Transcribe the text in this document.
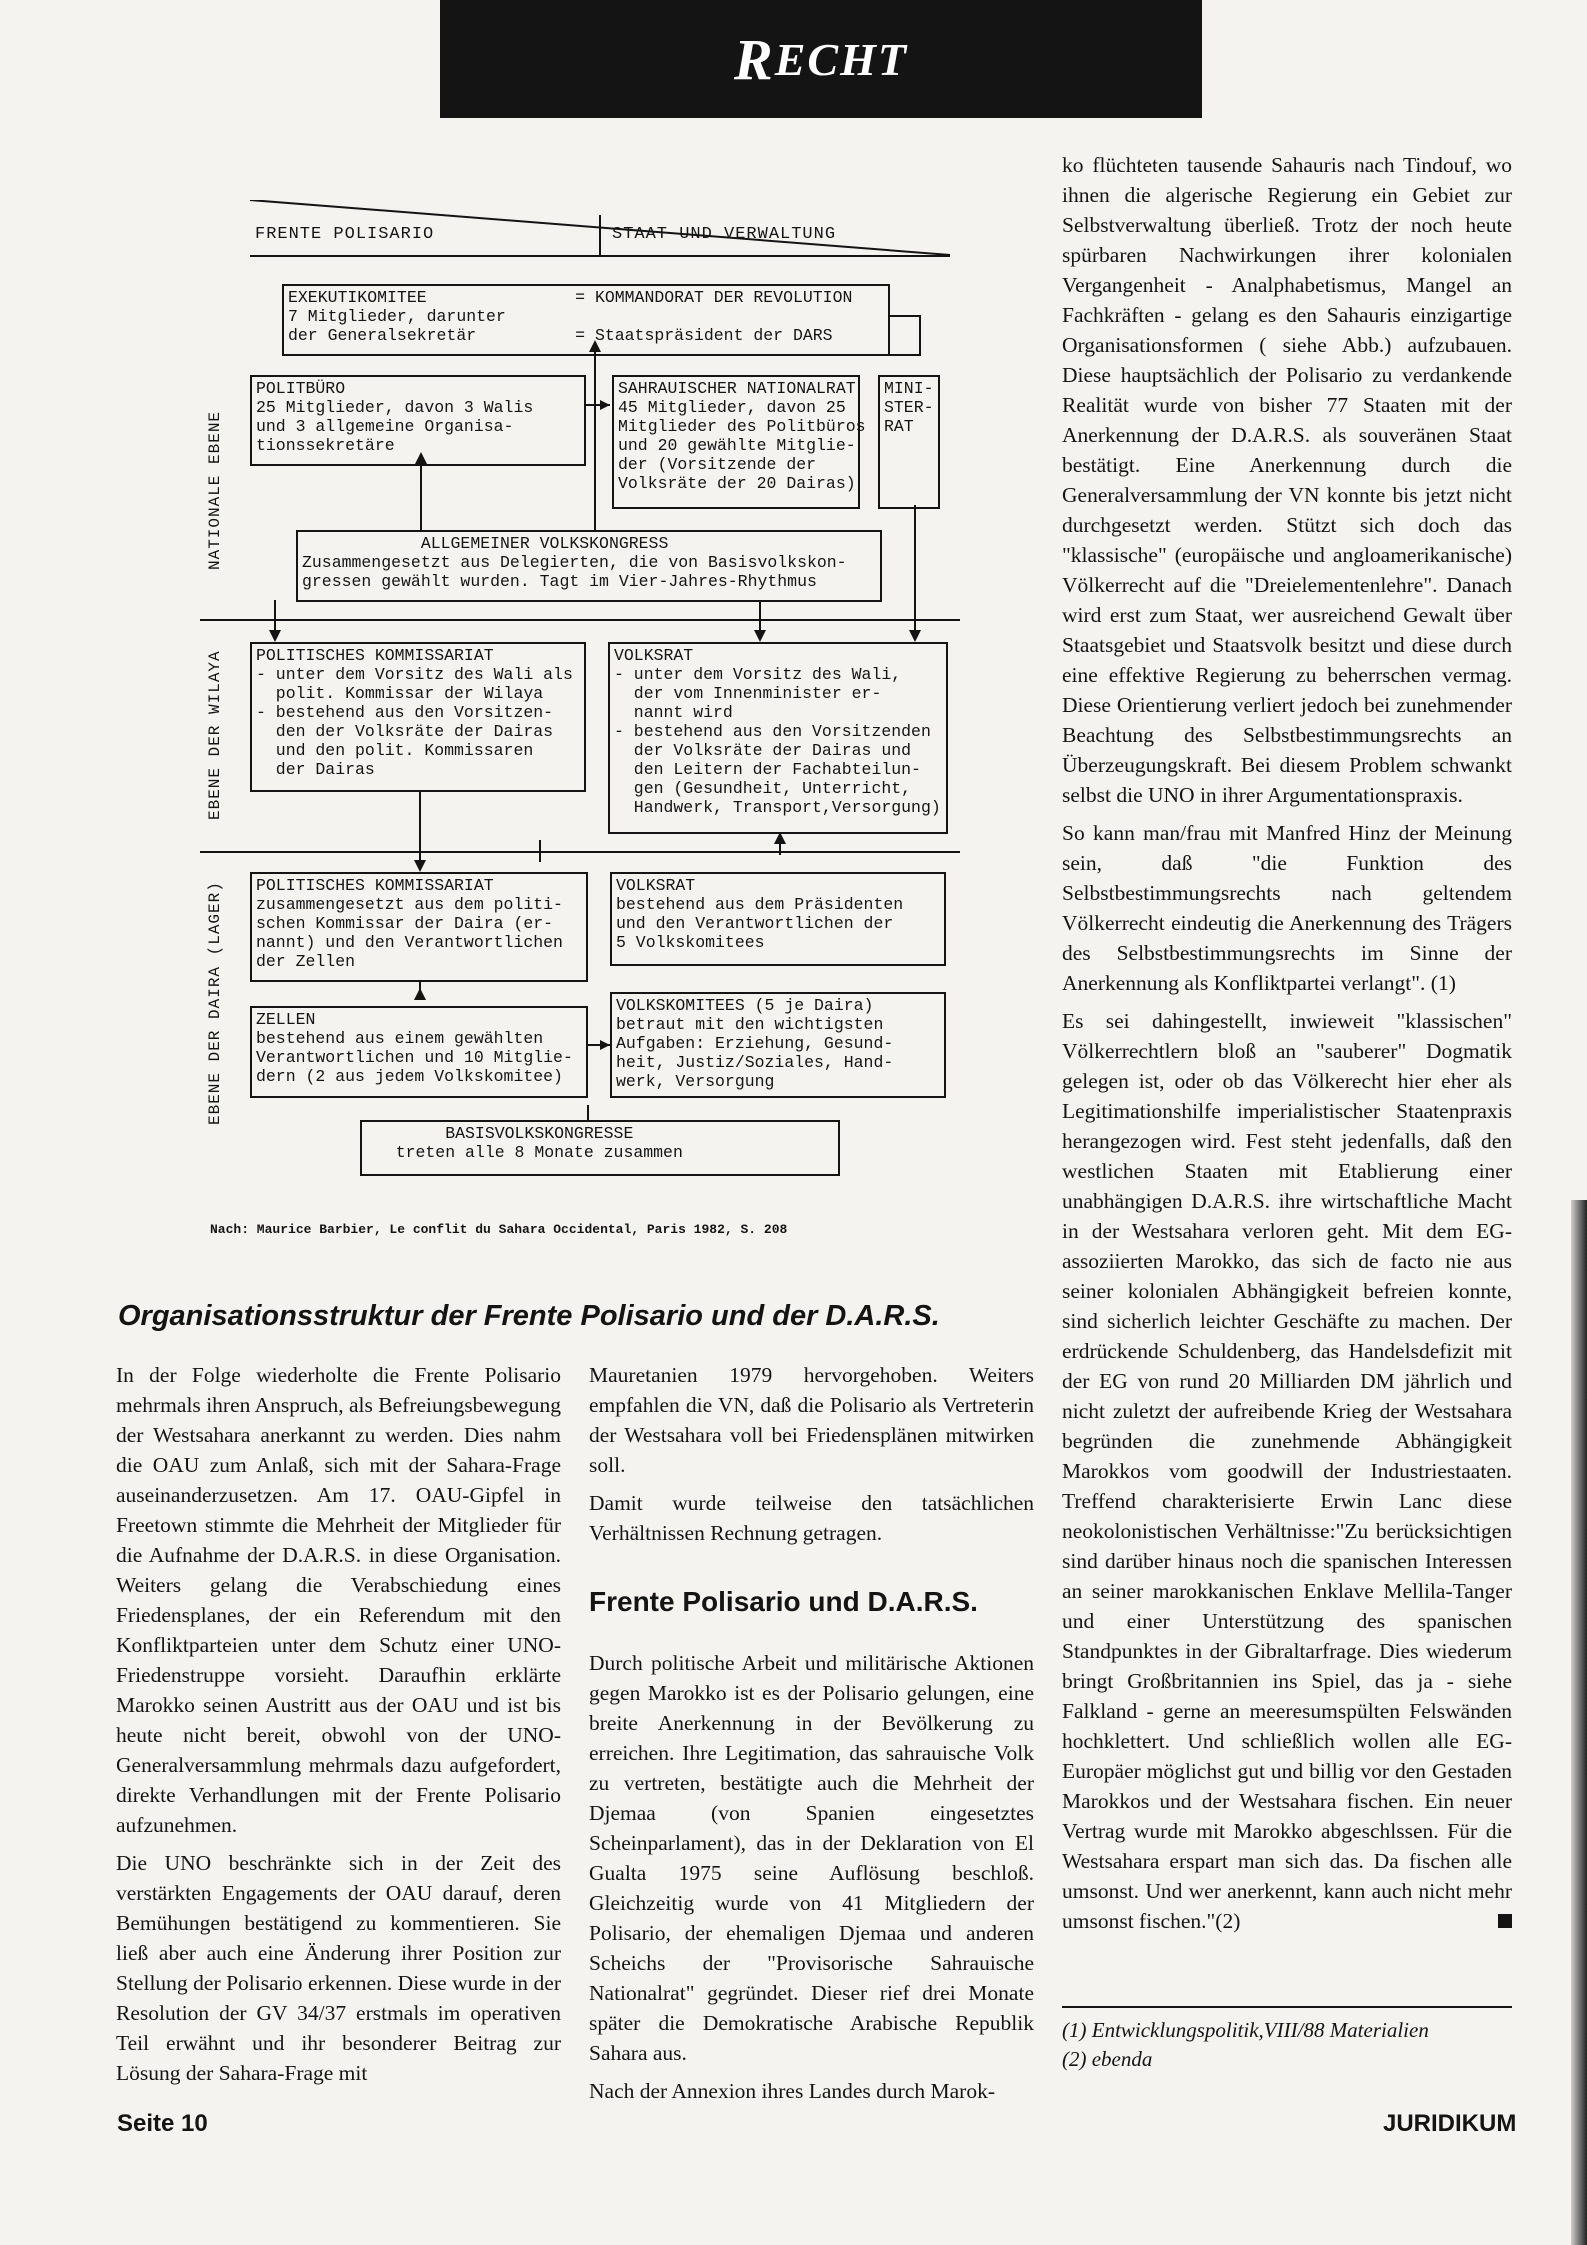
R ECHT
FRENTE POLISARIO	STAAT UND VERWALTUNG
NATIONALE EBENE
EBENE DER WILAYA
EBENE DER DAIRA (LAGER)
EXEKUTIKOMITEE               = KOMMANDORAT DER REVOLUTION
7 Mitglieder, darunter
der Generalsekretär          = Staatspräsident der DARS
POLITBÜRO
25 Mitglieder, davon 3 Walis
und 3 allgemeine Organisa-
tionssekretäre
SAHRAUISCHER NATIONALRAT
45 Mitglieder, davon 25
Mitglieder des Politbüros
und 20 gewählte Mitglie-
der (Vorsitzende der
Volksräte der 20 Dairas)
MINI-
STER-
RAT
ALLGEMEINER VOLKSKONGRESS
Zusammengesetzt aus Delegierten, die von Basisvolkskon-
gressen gewählt wurden. Tagt im Vier-Jahres-Rhythmus
POLITISCHES KOMMISSARIAT
- unter dem Vorsitz des Wali als
polit. Kommissar der Wilaya
- bestehend aus den Vorsitzen-
den der Volksräte der Dairas
und den polit. Kommissaren
der Dairas
VOLKSRAT
- unter dem Vorsitz des Wali,
der vom Innenminister er-
nannt wird
- bestehend aus den Vorsitzenden
der Volksräte der Dairas und
den Leitern der Fachabteilun-
gen (Gesundheit, Unterricht,
Handwerk, Transport,Versorgung)
POLITISCHES KOMMISSARIAT
zusammengesetzt aus dem politi-
schen Kommissar der Daira (er-
nannt) und den Verantwortlichen
der Zellen
VOLKSRAT
bestehend aus dem Präsidenten
und den Verantwortlichen der
5 Volkskomitees
ZELLEN
bestehend aus einem gewählten
Verantwortlichen und 10 Mitglie-
dern (2 aus jedem Volkskomitee)
VOLKSKOMITEES (5 je Daira)
betraut mit den wichtigsten
Aufgaben: Erziehung, Gesund-
heit, Justiz/Soziales, Hand-
werk, Versorgung
BASISVOLKSKONGRESSE
treten alle 8 Monate zusammen
Nach: Maurice Barbier, Le conflit du Sahara Occidental, Paris 1982, S. 208
Organisationsstruktur der Frente Polisario und der D.A.R.S.

In der Folge wiederholte die Frente Polisario mehrmals ihren Anspruch, als Befreiungsbewegung der Westsahara anerkannt zu werden. Dies nahm die OAU zum Anlaß, sich mit der Sahara-Frage auseinanderzusetzen. Am 17. OAU-Gipfel in Freetown stimmte die Mehrheit der Mitglieder für die Aufnahme der D.A.R.S. in diese Organisation. Weiters gelang die Verabschiedung eines Friedensplanes, der ein Referendum mit den Konfliktparteien unter dem Schutz einer UNO-Friedenstruppe vorsieht. Daraufhin erklärte Marokko seinen Austritt aus der OAU und ist bis heute nicht bereit, obwohl von der UNO-Generalversammlung mehrmals dazu aufgefordert, direkte Verhandlungen mit der Frente Polisario aufzunehmen.

Die UNO beschränkte sich in der Zeit des verstärkten Engagements der OAU darauf, deren Bemühungen bestätigend zu kommentieren. Sie ließ aber auch eine Änderung ihrer Position zur Stellung der Polisario erkennen. Diese wurde in der Resolution der GV 34/37 erstmals im operativen Teil erwähnt und ihr besonderer Beitrag zur Lösung der Sahara-Frage mit

Mauretanien 1979 hervorgehoben. Weiters empfahlen die VN, daß die Polisario als Vertreterin der Westsahara voll bei Friedensplänen mitwirken soll.

Damit wurde teilweise den tatsächlichen Verhältnissen Rechnung getragen.

Frente Polisario und D.A.R.S.

Durch politische Arbeit und militärische Aktionen gegen Marokko ist es der Polisario gelungen, eine breite Anerkennung in der Bevölkerung zu erreichen. Ihre Legitimation, das sahrauische Volk zu vertreten, bestätigte auch die Mehrheit der Djemaa (von Spanien eingesetztes Scheinparlament), das in der Deklaration von El Gualta 1975 seine Auflösung beschloß. Gleichzeitig wurde von 41 Mitgliedern der Polisario, der ehemaligen Djemaa und anderen Scheichs der "Provisorische Sahrauische Nationalrat" gegründet. Dieser rief drei Monate später die Demokratische Arabische Republik Sahara aus.

Nach der Annexion ihres Landes durch Marok-

ko flüchteten tausende Sahauris nach Tindouf, wo ihnen die algerische Regierung ein Gebiet zur Selbstverwaltung überließ. Trotz der noch heute spürbaren Nachwirkungen ihrer kolonialen Vergangenheit - Analphabetismus, Mangel an Fachkräften - gelang es den Sahauris einzigartige Organisationsformen ( siehe Abb.) aufzubauen. Diese hauptsächlich der Polisario zu verdankende Realität wurde von bisher 77 Staaten mit der Anerkennung der D.A.R.S. als souveränen Staat bestätigt. Eine Anerkennung durch die Generalversammlung der VN konnte bis jetzt nicht durchgesetzt werden. Stützt sich doch das "klassische" (europäische und angloamerikanische) Völkerrecht auf die "Dreielementenlehre". Danach wird erst zum Staat, wer ausreichend Gewalt über Staatsgebiet und Staatsvolk besitzt und diese durch eine effektive Regierung zu beherrschen vermag. Diese Orientierung verliert jedoch bei zunehmender Beachtung des Selbstbestimmungsrechts an Überzeugungskraft. Bei diesem Problem schwankt selbst die UNO in ihrer Argumentationspraxis.

So kann man/frau mit Manfred Hinz der Meinung sein, daß "die Funktion des Selbstbestimmungsrechts nach geltendem Völkerrecht eindeutig die Anerkennung des Trägers des Selbstbestimmungsrechts im Sinne der Anerkennung als Konfliktpartei verlangt". (1)

Es sei dahingestellt, inwieweit "klassischen" Völkerrechtlern bloß an "sauberer" Dogmatik gelegen ist, oder ob das Völkerecht hier eher als Legitimationshilfe imperialistischer Staatenpraxis herangezogen wird. Fest steht jedenfalls, daß den westlichen Staaten mit Etablierung einer unabhängigen D.A.R.S. ihre wirtschaftliche Macht in der Westsahara verloren geht. Mit dem EG-assoziierten Marokko, das sich de facto nie aus seiner kolonialen Abhängigkeit befreien konnte, sind sicherlich leichter Geschäfte zu machen. Der erdrückende Schuldenberg, das Handelsdefizit mit der EG von rund 20 Milliarden DM jährlich und nicht zuletzt der aufreibende Krieg der Westsahara begründen die zunehmende Abhängigkeit Marokkos vom goodwill der Industriestaaten. Treffend charakterisierte Erwin Lanc diese neokolonistischen Verhältnisse:"Zu berücksichtigen sind darüber hinaus noch die spanischen Interessen an seiner marokkanischen Enklave Mellila-Tanger und einer Unterstützung des spanischen Standpunktes in der Gibraltarfrage. Dies wiederum bringt Großbritannien ins Spiel, das ja - siehe Falkland - gerne an meeresumspülten Felswänden hochklettert. Und schließlich wollen alle EG-Europäer möglichst gut und billig vor den Gestaden Marokkos und der Westsahara fischen. Ein neuer Vertrag wurde mit Marokko abgeschlssen. Für die Westsahara erspart man sich das. Da fischen alle umsonst. Und wer anerkennt, kann auch nicht mehr umsonst fischen."(2)

(1) Entwicklungspolitik,VIII/88 Materialien
(2) ebenda
Seite 10	JURIDIKUM
